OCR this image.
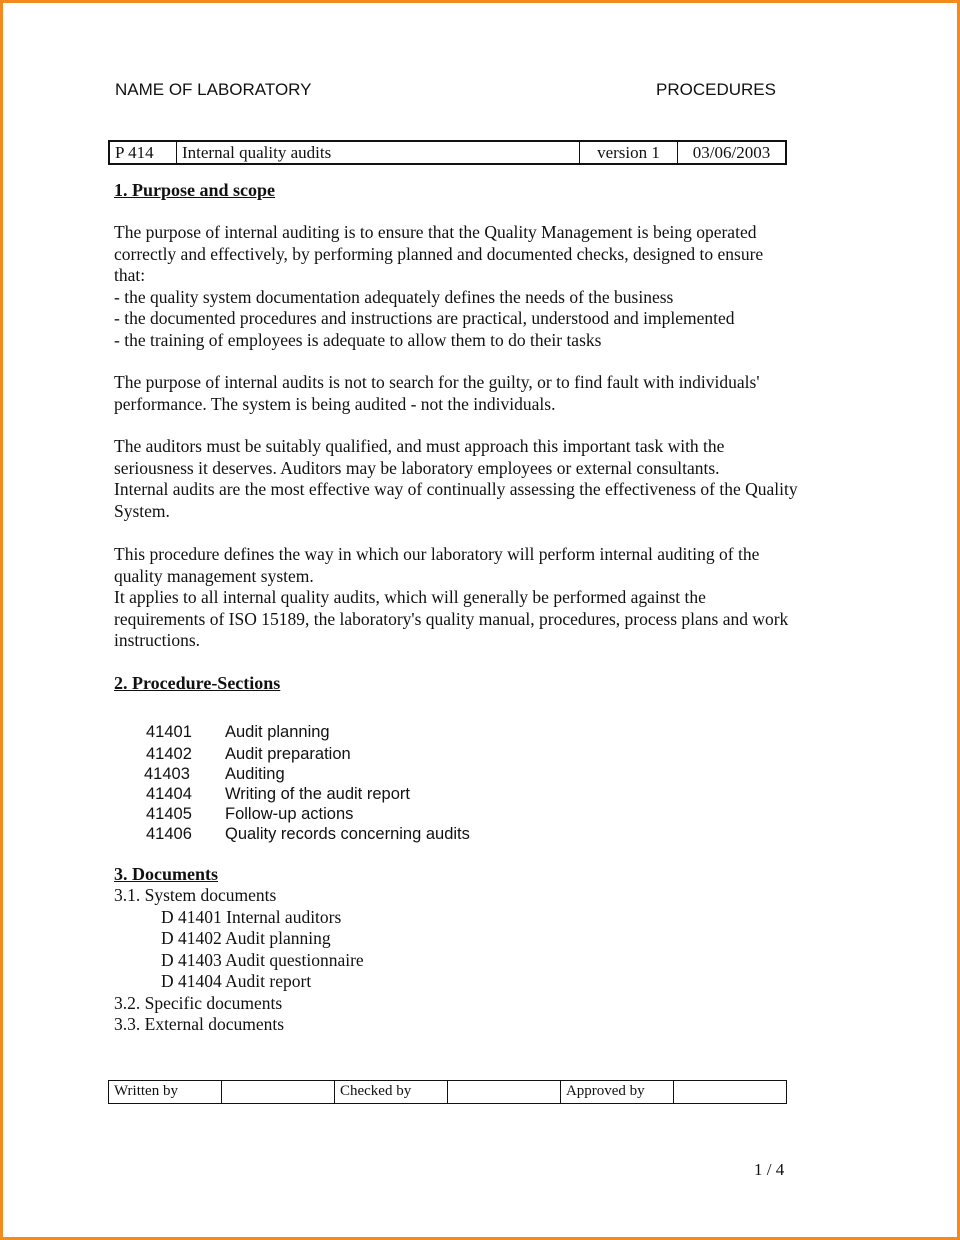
NAME OF LABORATORY	PROCEDURES
P 414	Internal quality audits	version 1	03/06/2003
1. Purpose and scope
The purpose of internal auditing is to ensure that the Quality Management is being operated
correctly and effectively, by performing planned and documented checks, designed to ensure
that:
- the quality system documentation adequately defines the needs of the business
- the documented procedures and instructions are practical, understood and implemented
- the training of employees is adequate to allow them to do their tasks
The purpose of internal audits is not to search for the guilty, or to find fault with individuals'
performance. The system is being audited - not the individuals.
The auditors must be suitably qualified, and must approach this important task with the
seriousness it deserves. Auditors may be laboratory employees or external consultants.
Internal audits are the most effective way of continually assessing the effectiveness of the Quality
System.
This procedure defines the way in which our laboratory will perform internal auditing of the
quality management system.
It applies to all internal quality audits, which will generally be performed against the
requirements of ISO 15189, the laboratory's quality manual, procedures, process plans and work
instructions.
2. Procedure-Sections
41401 Audit planning
41402 Audit preparation
41403 Auditing
41404 Writing of the audit report
41405 Follow-up actions
41406 Quality records concerning audits
3. Documents
3.1. System documents
D 41401 Internal auditors
D 41402 Audit planning
D 41403 Audit questionnaire
D 41404 Audit report
3.2. Specific documents
3.3. External documents
Written by		Checked by		Approved by	
1 / 4
